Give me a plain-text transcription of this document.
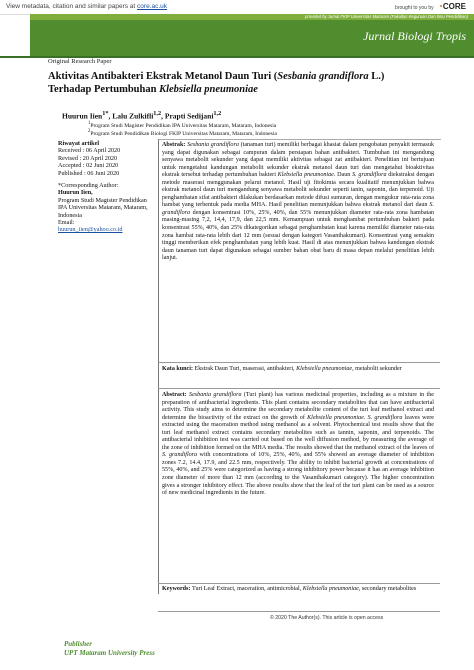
View metadata, citation and similar papers at core.ac.uk	brought to you by ◔CORE
provided by Jurnal FKIP Universitas Mataram (Fakultas Keguruan Dan Ilmu Pendidikan)
Jurnal Biologi Tropis
Original Research Paper
Aktivitas Antibakteri Ekstrak Metanol Daun Turi (Sesbania grandiflora L.)
Terhadap Pertumbuhan Klebsiella pneumoniae
Huurun Iien$^{1*}$, Lalu Zulkifli$^{1,2}$, Prapti Sedijani$^{1,2}$
$^1$Program Studi Magister Pendidikan IPA Universitas Mataram, Mataram, Indonesia
$^2$Program Studi Pendidikan Biologi FKIP Universitas Mataram, Mataram, Indonesia
Riwayat artikel
Received : 06 April 2020
Revised : 20 April 2020
Accepted : 02 Juni 2020
Published : 06 Juni 2020
*Corresponding Author:
Huurun Iien,
Program Studi Magister Pendidikan IPA Universitas Mataram, Mataram, Indonesia
Email:
huurun_iien@yahoo.co.id
Abstrak: Sesbania grandiflora (tanaman turi) memiliki berbagai khasiat dalam pengobatan penyakit termasuk yang dapat digunakan sebagai campuran dalam persiapan bahan antibakteri. Tumbuhan ini mengandung senyawa metabolit sekunder yang dapat memiliki aktivitas sebagai zat antibakteri. Penelitian ini bertujuan untuk mengetahui kandungan metabolit sekunder ekstrak metanol daun turi dan mengetahui bioaktivitas ekstrak tersebut terhadap pertumbuhan bakteri Klebsiella pneumoniae. Daun S. grandiflora diekstraksi dengan metode maserasi menggunakan pelarut metanol. Hasil uji fitokimia secara kualitatif menunjukkan bahwa ekstrak metanol daun turi mengandung senyawa metabolit sekunder seperti tanin, saponin, dan terpenoid. Uji penghambatan sifat antibakteri dilakukan berdasarkan metode difusi sumuran, dengan mengukur rata-rata zona hambat yang terbentuk pada media MHA. Hasil penelitian menunjukkan bahwa ekstrak metanol dari daun S. grandiflora dengan konsentrasi 10%, 25%, 40%, dan 55% menunjukkan diameter rata-rata zona hambatan masing-masing 7,2, 14,4, 17,9, dan 22,5 mm. Kemampuan untuk menghambat pertumbuhan bakteri pada konsentrasi 55%, 40%, dan 25% dikategorikan sebagai penghambatan kuat karena memiliki diameter rata-rata zona hambat rata-rata lebih dari 12 mm (sesuai dengan kategori Vasanthakumari). Konsentrasi yang semakin tinggi memberikan efek penghambatan yang lebih kuat. Hasil di atas menunjukkan bahwa kandungan ekstrak daun tanaman turi dapat digunakan sebagai sumber bahan obat baru di masa depan melalui penelitian lebih lanjut.
Kata kunci: Ekstrak Daun Turi, maserasi, antibakteri, Klebsiella pneumoniae, metabolit sekunder
Abstract: Sesbania grandiflora (Turi plant) has various medicinal properties, including as a mixture in the preparation of antibacterial ingredients. This plant contains secondary metabolites that can have antibacterial activity. This study aims to determine the secondary metabolite content of the turi leaf methanol extract and determine the bioactivity of the extract on the growth of Klebsiella pneumoniae. S. grandiflora leaves were extracted using the maceration method using methanol as a solvent. Phytochemical test results show that the turi leaf methanol extract contains secondary metabolites such as tannin, saponin, and terpenoids. The antibacterial inhibition test was carried out based on the well diffusion method, by measuring the average of the zone of inhibition formed on the MHA media. The results showed that the methanol extract of the leaves of S. grandiflora with concentrations of 10%, 25%, 40%, and 55% showed an average diameter of inhibition zones 7.2, 14.4, 17.9, and 22.5 mm, respectively. The ability to inhibit bacterial growth at concentrations of 55%, 40%, and 25% were categorized as having a strong inhibitory power because it has an average inhibition zone diameter of more than 12 mm (according to the Vasanthakumari category). The higher concentration gives a stronger inhibitory effect. The above results show that the leaf of the turi plant can be used as a source of new medicinal ingredients in the future.
Keywords: Turi Leaf Extract, maceration, antimicrobial, Klebsiella pneumoniae, secondary metabolites
© 2020 The Author(s). This article is open access
Publisher
UPT Mataram University Press
